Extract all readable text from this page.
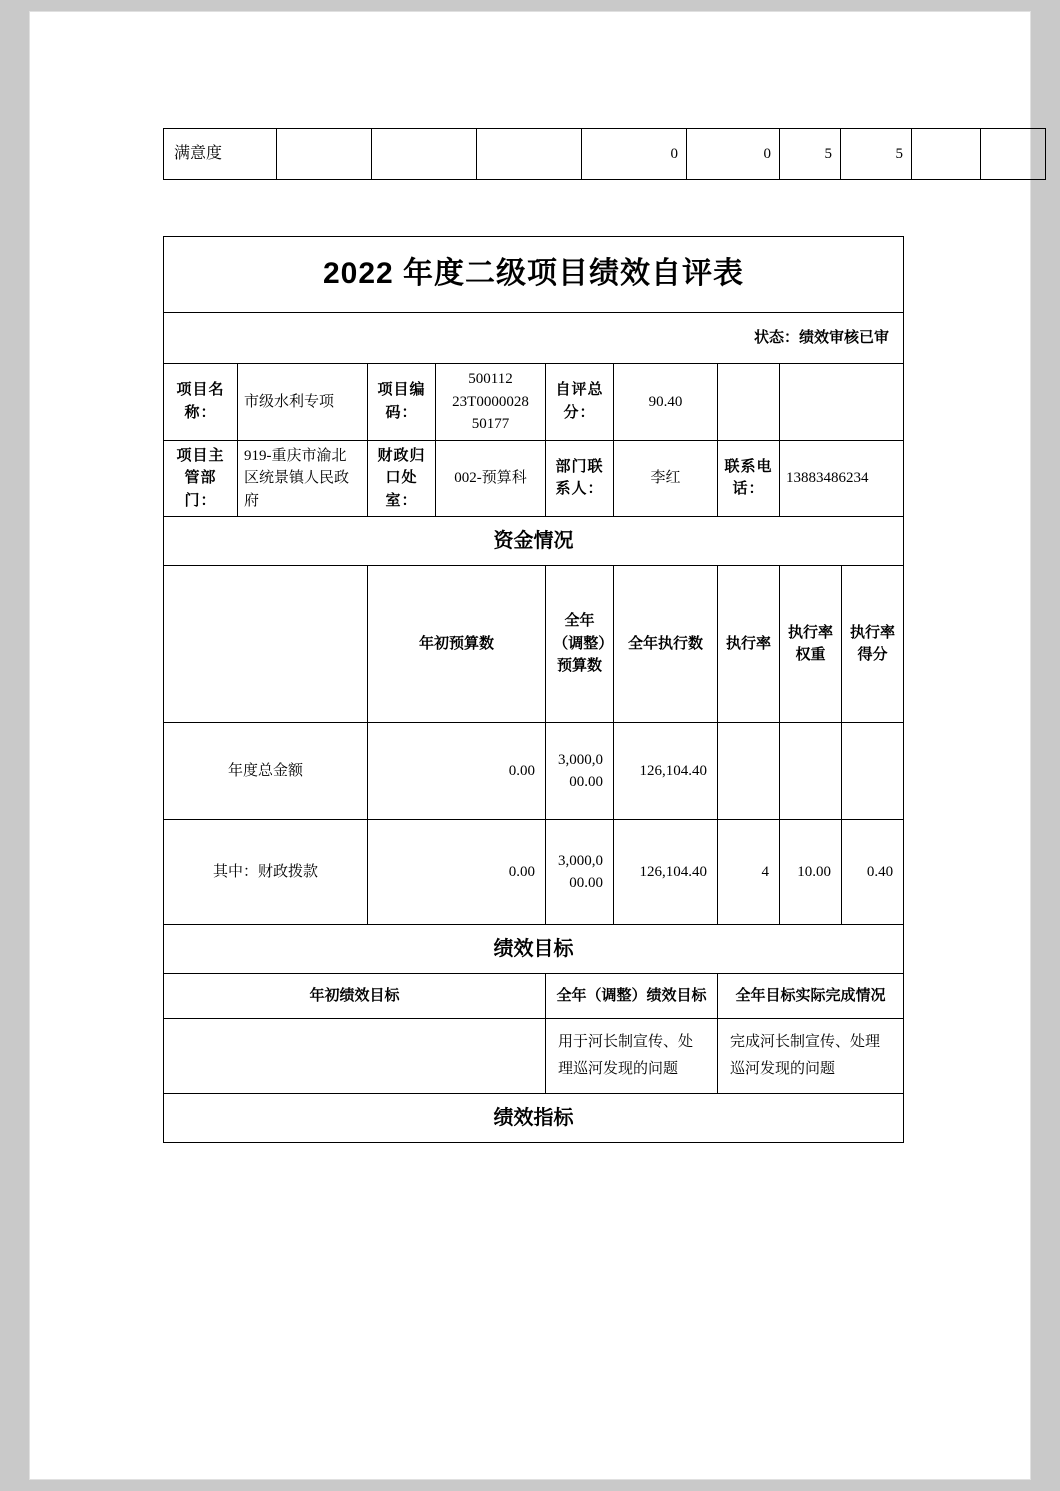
满意度				0	0	5	5		
2022 年度二级项目绩效自评表								
状态：绩效审核已审								
项目名称：	市级水利专项	项目编码：	500112 23T0000028 50177	自评总分：	90.40			
项目主管部门：	919-重庆市渝北区统景镇人民政府	财政归口处室：	002-预算科	部门联系人：	李红	联系电话：	13883486234	
资金情况								
		年初预算数		全年（调整）预算数	全年执行数	执行率	执行率权重	执行率得分
年度总金额		0.00		3,000,000.00	126,104.40			
其中：财政拨款		0.00		3,000,000.00	126,104.40	4	10.00	0.40
绩效目标								
年初绩效目标				全年（调整）绩效目标		全年目标实际完成情况		
				用于河长制宣传、处理巡河发现的问题		完成河长制宣传、处理巡河发现的问题		
绩效指标								
